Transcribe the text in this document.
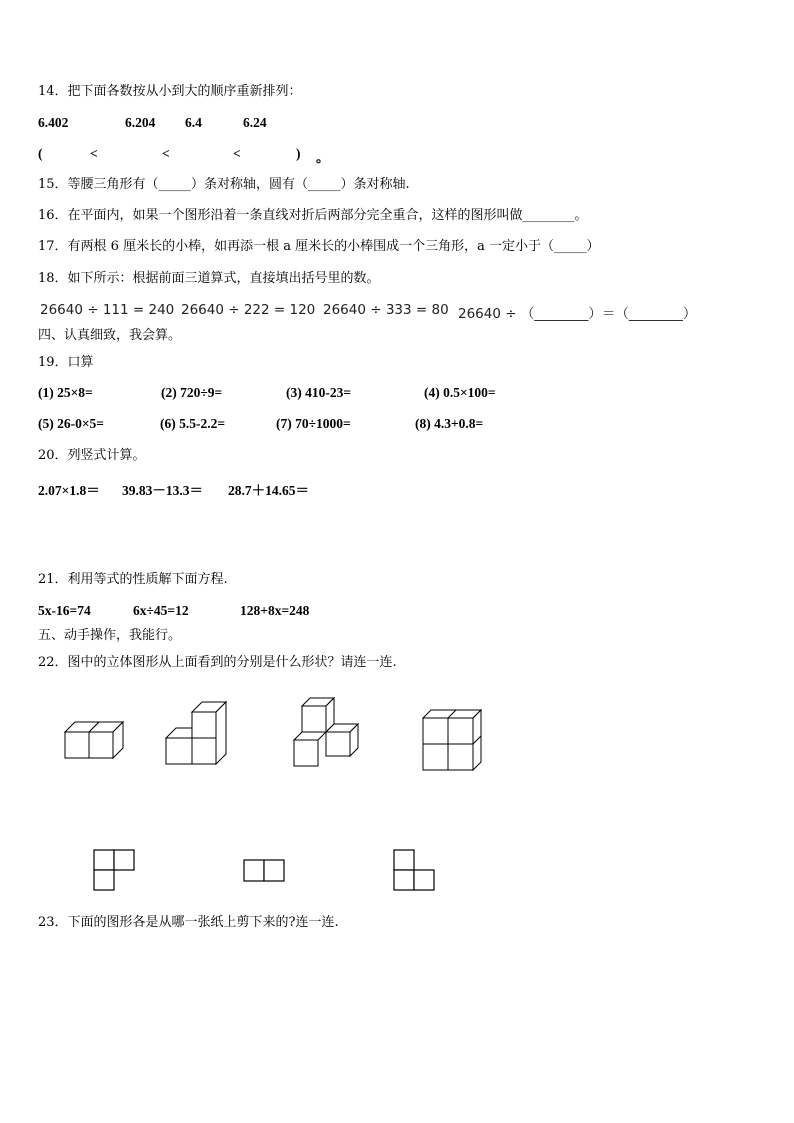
14．把下面各数按从小到大的顺序重新排列：
6.402	6.204 6.4	6.24
(	<	<	<	) 。
15．等腰三角形有（_____）条对称轴，圆有（_____）条对称轴.
16．在平面内，如果一个图形沿着一条直线对折后两部分完全重合，这样的图形叫做________。
17．有两根 6 厘米长的小棒，如再添一根 a 厘米长的小棒围成一个三角形，a 一定小于（_____）
18．如下所示：根据前面三道算式，直接填出括号里的数。
26640 ÷ 111 = 240 26640 ÷ 222 = 120 26640 ÷ 333 = 80 26640 ÷ （________）＝（________）
四、认真细致，我会算。
19．口算
(1) 25×8=	(2) 720÷9=	(3) 410-23=	(4) 0.5×100=
(5) 26-0×5=	(6) 5.5-2.2=	(7) 70÷1000=	(8) 4.3+0.8=
20．列竖式计算。
2.07×1.8＝ 39.83－13.3＝ 28.7＋14.65＝
21．利用等式的性质解下面方程.
5x-16=74	6x÷45=12	128+8x=248
五、动手操作，我能行。
22．图中的立体图形从上面看到的分别是什么形状？请连一连.
23．下面的图形各是从哪一张纸上剪下来的?连一连.
